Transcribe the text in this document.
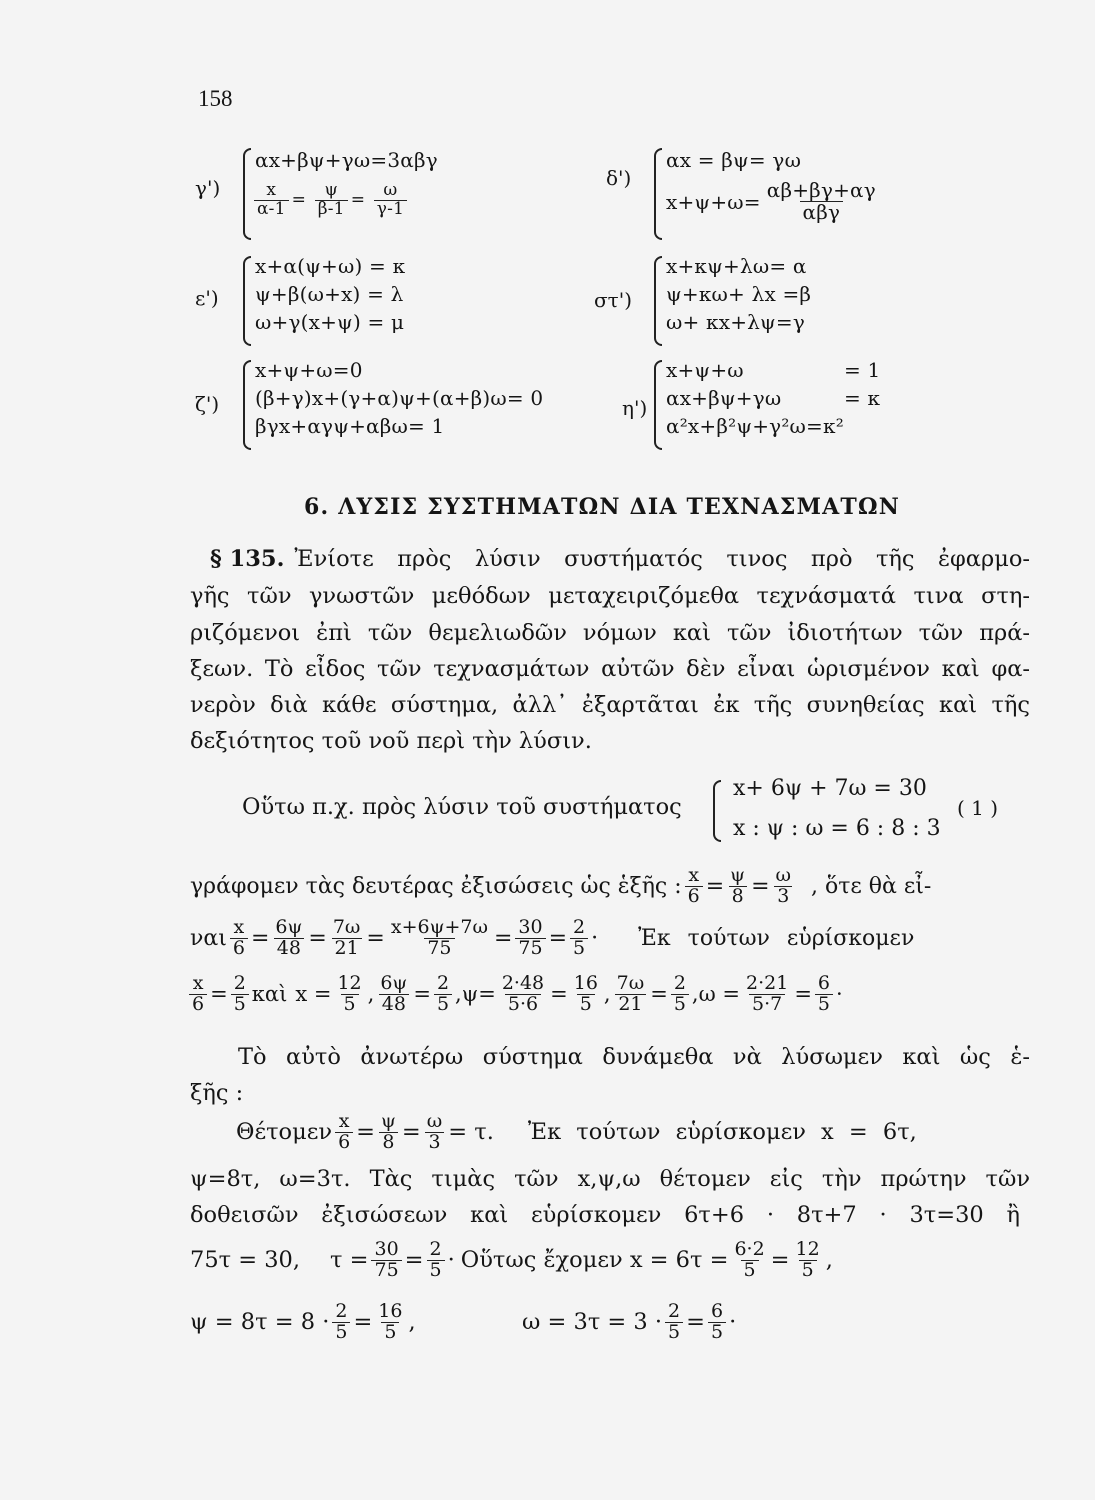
158
γ')
αx+βψ+γω=3αβγ
$\frac{x}{\alpha-1} = \frac{\psi}{\beta-1} = \frac{\omega}{\gamma-1}$
δ')
αx = βψ= γω
$x+\psi+\omega= \frac{\alpha\beta+\beta\gamma+\alpha\gamma}{\text{αβγ}}$
ε')
x+α(ψ+ω) = κ
ψ+β(ω+x) = λ
ω+γ(x+ψ) = μ
στ')
x+κψ+λω= α
ψ+κω+ λx =β
ω+ κx+λψ=γ
ζ')
x+ψ+ω=0
(β+γ)x+(γ+α)ψ+(α+β)ω= 0
βγx+αγψ+αβω= 1
η')
x+ψ+ω	= 1
αx+βψ+γω	= κ
α²x+β²ψ+γ²ω=κ²
6. ΛΥΣΙΣ ΣΥΣΤΗΜΑΤΩΝ ΔΙΑ ΤΕΧΝΑΣΜΑΤΩΝ
§ 135. Ἐνίοτε πρὸς λύσιν συστήματός τινος πρὸ τῆς ἐφαρμο-
γῆς τῶν γνωστῶν μεθόδων μεταχειριζόμεθα τεχνάσματά τινα στη-
ριζόμενοι ἐπὶ τῶν θεμελιωδῶν νόμων καὶ τῶν ἰδιοτήτων τῶν πρά-
ξεων. Τὸ εἶδος τῶν τεχνασμάτων αὐτῶν δὲν εἶναι ὡρισμένον καὶ φα-
νερὸν διὰ κάθε σύστημα, ἀλλ᾽ ἐξαρτᾶται ἐκ τῆς συνηθείας καὶ τῆς
δεξιότητος τοῦ νοῦ περὶ τὴν λύσιν.
Οὕτω π.χ. πρὸς λύσιν τοῦ συστήματος
x+ 6ψ + 7ω = 30
x : ψ : ω = 6 : 8 : 3
( 1 )
γράφομεν τὰς δευτέρας ἐξισώσεις ὡς ἑξῆς : $\frac{x}{6} = \frac{\psi}{8} = \frac{\omega}{3}$ , ὅτε θὰ εἶ-
ναι $\frac{x}{6} = \frac{6\psi}{48} = \frac{7\omega}{21} = \frac{x+6\psi+7\omega}{75} = \frac{30}{75} = \frac{2}{5}$ · Ἐκ τούτων εὑρίσκομεν
$\frac{x}{6} = \frac{2}{5}$ καὶ $x = \frac{12}{5}$ , $\frac{6\psi}{48} = \frac{2}{5}$ , $\psi= \frac{2\cdot 48}{5\cdot 6} = \frac{16}{5}$ , $\frac{7\omega}{21} = \frac{2}{5}$ , $\omega = \frac{2\cdot 21}{5\cdot 7} = \frac{6}{5}$ ·
Τὸ αὐτὸ ἀνωτέρω σύστημα δυνάμεθα νὰ λύσωμεν καὶ ὡς ἑ-
ξῆς :
Θέτομεν $\frac{x}{6} = \frac{\psi}{8} = \frac{\omega}{3} = \tau$. Ἐκ τούτων εὑρίσκομεν x = 6τ,
ψ=8τ, ω=3τ. Τὰς τιμὰς τῶν x,ψ,ω θέτομεν εἰς τὴν πρώτην τῶν
δοθεισῶν ἐξισώσεων καὶ εὑρίσκομεν 6τ+6 · 8τ+7 · 3τ=30 ἢ
75τ = 30, $\tau = \frac{30}{75} = \frac{2}{5}$ · Οὕτως ἔχομεν $x = 6\tau = \frac{6\cdot 2}{5} = \frac{12}{5}$ ,
$\psi = 8\tau = 8 \cdot \frac{2}{5} = \frac{16}{5}$ ,	$\omega = 3\tau = 3 \cdot \frac{2}{5} = \frac{6}{5}$ ·
